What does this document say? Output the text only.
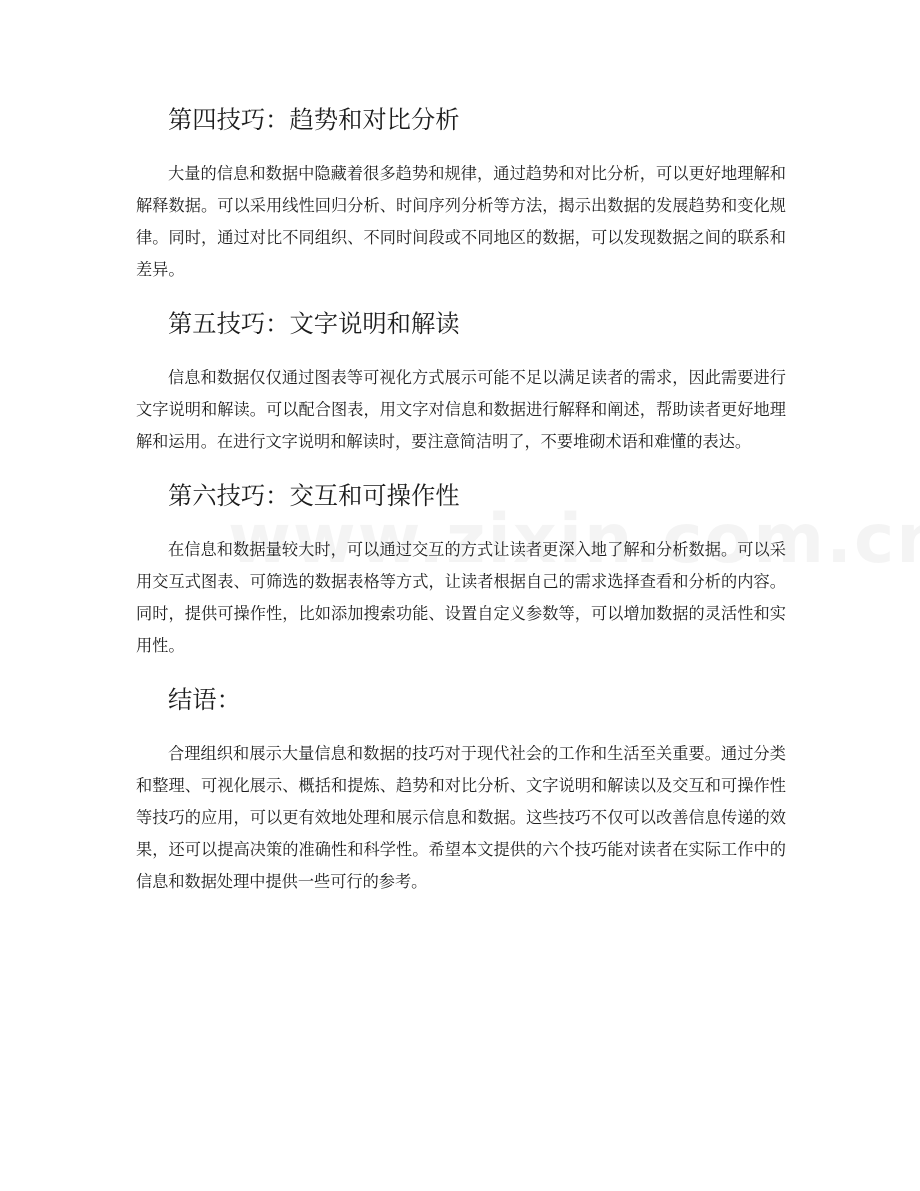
第四技巧：趋势和对比分析

大量的信息和数据中隐藏着很多趋势和规律，通过趋势和对比分析，可以更好地理解和解释数据。可以采用线性回归分析、时间序列分析等方法，揭示出数据的发展趋势和变化规律。同时，通过对比不同组织、不同时间段或不同地区的数据，可以发现数据之间的联系和差异。

第五技巧：文字说明和解读

信息和数据仅仅通过图表等可视化方式展示可能不足以满足读者的需求，因此需要进行文字说明和解读。可以配合图表，用文字对信息和数据进行解释和阐述，帮助读者更好地理解和运用。在进行文字说明和解读时，要注意简洁明了，不要堆砌术语和难懂的表达。

第六技巧：交互和可操作性

在信息和数据量较大时，可以通过交互的方式让读者更深入地了解和分析数据。可以采用交互式图表、可筛选的数据表格等方式，让读者根据自己的需求选择查看和分析的内容。同时，提供可操作性，比如添加搜索功能、设置自定义参数等，可以增加数据的灵活性和实用性。

结语：

合理组织和展示大量信息和数据的技巧对于现代社会的工作和生活至关重要。通过分类和整理、可视化展示、概括和提炼、趋势和对比分析、文字说明和解读以及交互和可操作性等技巧的应用，可以更有效地处理和展示信息和数据。这些技巧不仅可以改善信息传递的效果，还可以提高决策的准确性和科学性。希望本文提供的六个技巧能对读者在实际工作中的信息和数据处理中提供一些可行的参考。
